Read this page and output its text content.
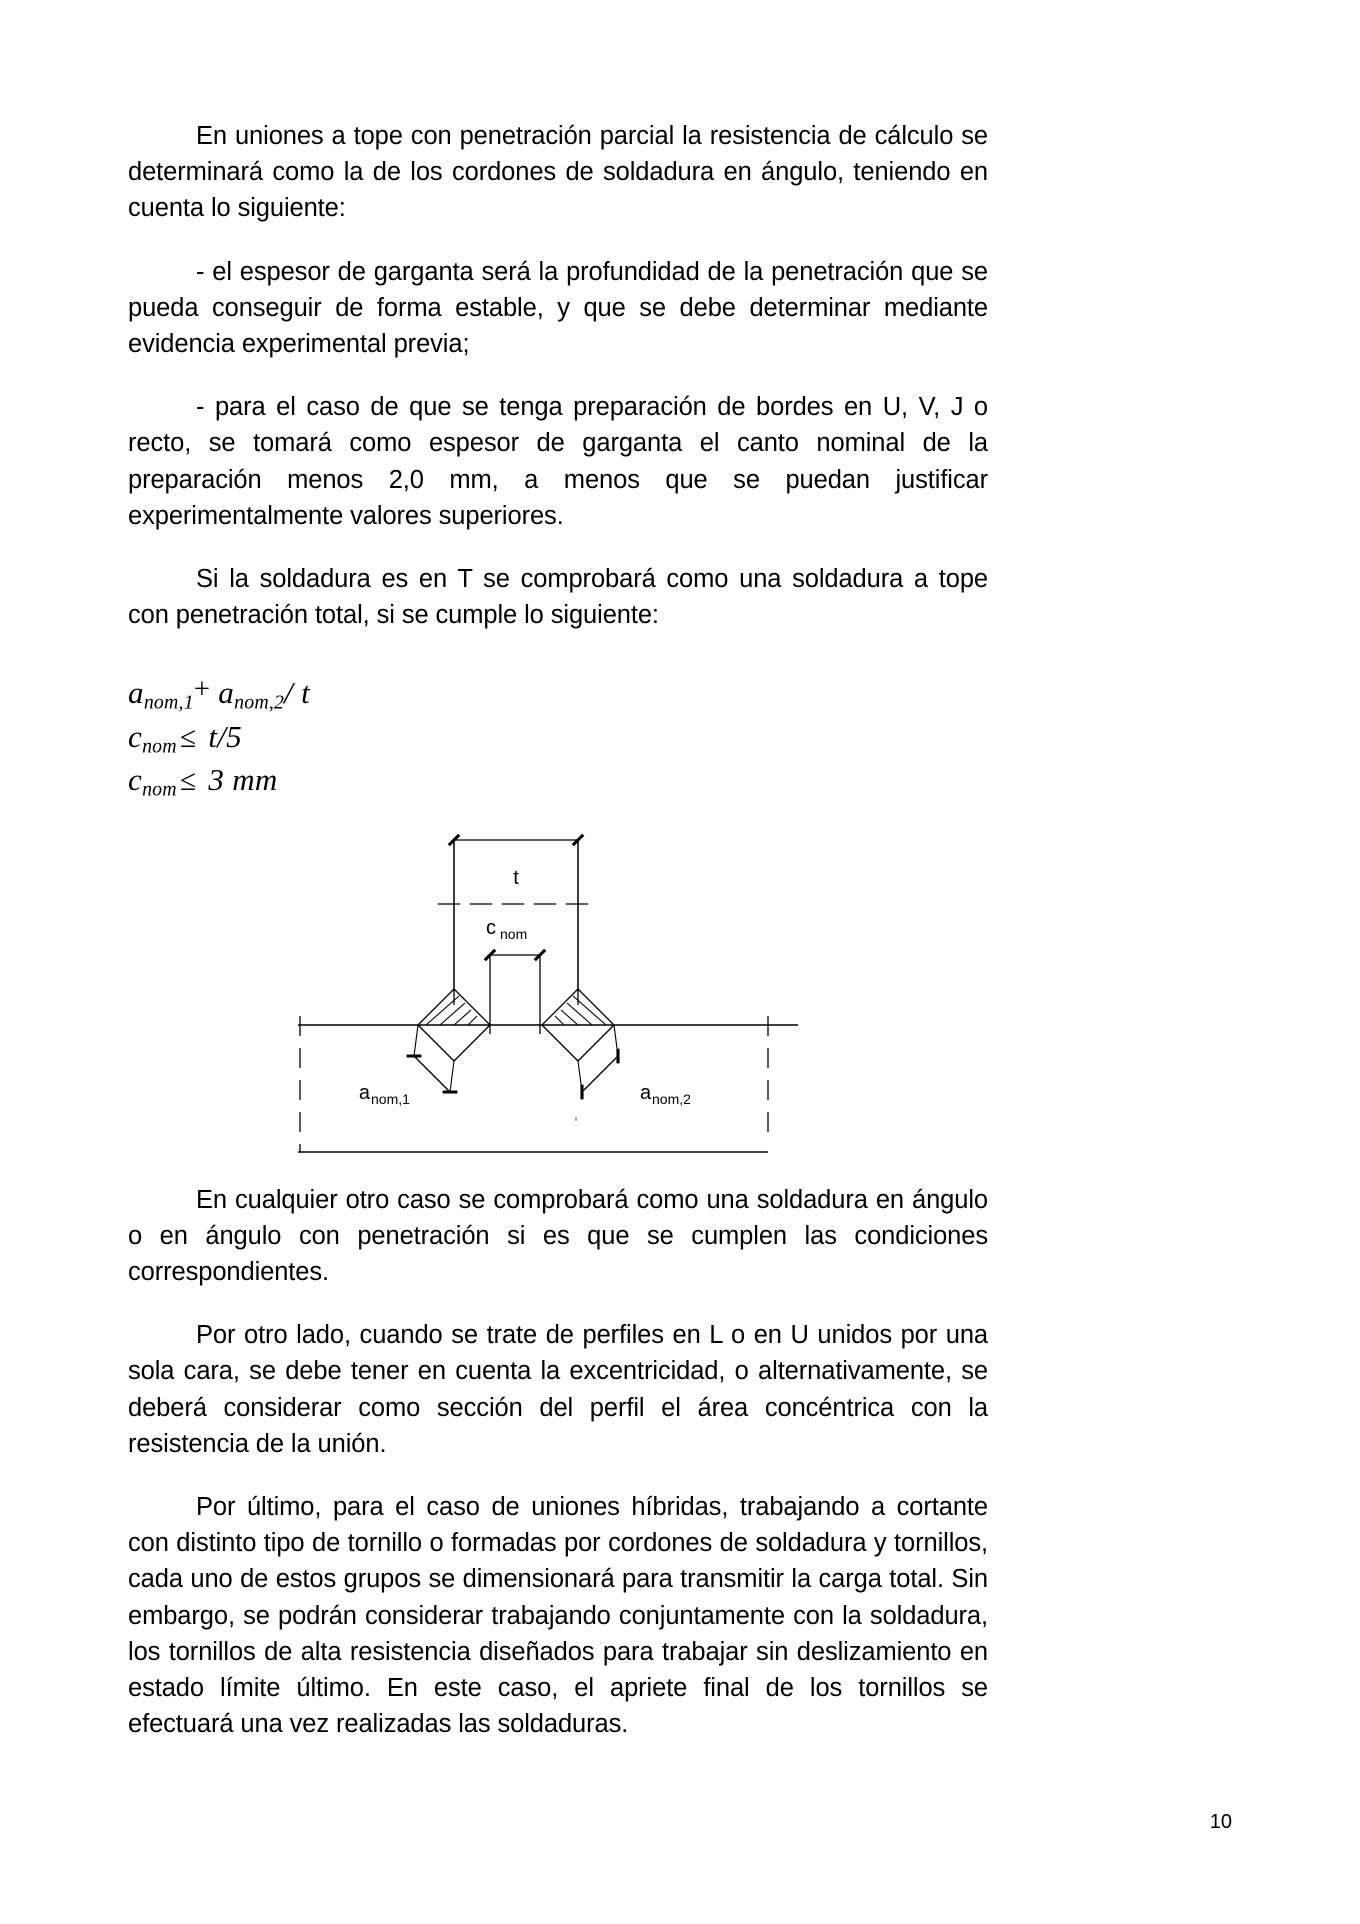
En uniones a tope con penetración parcial la resistencia de cálculo se determinará como la de los cordones de soldadura en ángulo, teniendo en cuenta lo siguiente:

- el espesor de garganta será la profundidad de la penetración que se pueda conseguir de forma estable, y que se debe determinar mediante evidencia experimental previa;

- para el caso de que se tenga preparación de bordes en U, V, J o recto, se tomará como espesor de garganta el canto nominal de la preparación menos 2,0 mm, a menos que se puedan justificar experimentalmente valores superiores.

Si la soldadura es en T se comprobará como una soldadura a tope con penetración total, si se cumple lo siguiente:

$a_{nom,1}+ a_{nom,2}/$ t
$c_{nom} \le t/5$
$c_{nom} \le 3$ mm
t
c nom
a nom,1	a nom,2

En cualquier otro caso se comprobará como una soldadura en ángulo o en ángulo con penetración si es que se cumplen las condiciones correspondientes.

Por otro lado, cuando se trate de perfiles en L o en U unidos por una sola cara, se debe tener en cuenta la excentricidad, o alternativamente, se deberá considerar como sección del perfil el área concéntrica con la resistencia de la unión.

Por último, para el caso de uniones híbridas, trabajando a cortante con distinto tipo de tornillo o formadas por cordones de soldadura y tornillos, cada uno de estos grupos se dimensionará para transmitir la carga total. Sin embargo, se podrán considerar trabajando conjuntamente con la soldadura, los tornillos de alta resistencia diseñados para trabajar sin deslizamiento en estado límite último. En este caso, el apriete final de los tornillos se efectuará una vez realizadas las soldaduras.

10
